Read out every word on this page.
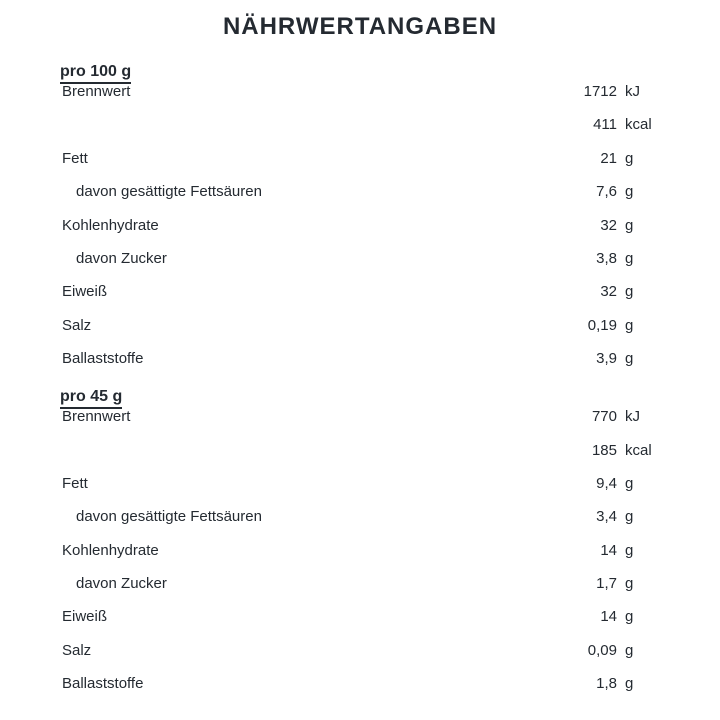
NÄHRWERTANGABEN
pro 100 g
Brennwert	1712 kJ
411 kcal
Fett	21 g
davon gesättigte Fettsäuren	7,6 g
Kohlenhydrate	32 g
davon Zucker	3,8 g
Eiweiß	32 g
Salz	0,19 g
Ballaststoffe	3,9 g
pro 45 g
Brennwert	770 kJ
185 kcal
Fett	9,4 g
davon gesättigte Fettsäuren	3,4 g
Kohlenhydrate	14 g
davon Zucker	1,7 g
Eiweiß	14 g
Salz	0,09 g
Ballaststoffe	1,8 g
